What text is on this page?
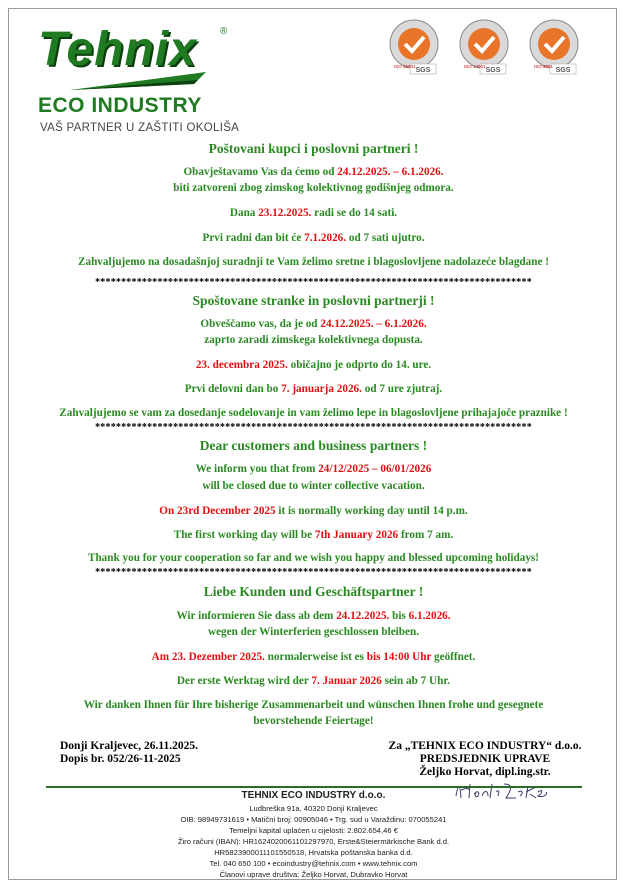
Tehnix ®
ECO INDUSTRY
VAŠ PARTNER U ZAŠTITI OKOLIŠA
SGS
ISO 45001
SGS
ISO 14001
SGS
ISO 9001
Poštovani kupci i poslovni partneri !
Obavještavamo Vas da ćemo od 24.12.2025. – 6.1.2026.
biti zatvoreni zbog zimskog kolektivnog godišnjeg odmora.
Dana 23.12.2025. radi se do 14 sati.
Prvi radni dan bit će 7.1.2026. od 7 sati ujutro.
Zahvaljujemo na dosadašnjoj suradnji te Vam želimo sretne i blagoslovljene nadolazeće blagdane !
************************************************************************************
Spoštovane stranke in poslovni partnerji !
Obveščamo vas, da je od 24.12.2025. – 6.1.2026.
zaprto zaradi zimskega kolektivnega dopusta.
23. decembra 2025. običajno je odprto do 14. ure.
Prvi delovni dan bo 7. januarja 2026. od 7 ure zjutraj.
Zahvaljujemo se vam za dosedanje sodelovanje in vam želimo lepe in blagoslovljene prihajajoče praznike !
************************************************************************************
Dear customers and business partners !
We inform you that from 24/12/2025 – 06/01/2026
will be closed due to winter collective vacation.
On 23rd December 2025 it is normally working day until 14 p.m.
The first working day will be 7th January 2026 from 7 am.
Thank you for your cooperation so far and we wish you happy and blessed upcoming holidays!
************************************************************************************
Liebe Kunden und Geschäftspartner !
Wir informieren Sie dass ab dem 24.12.2025. bis 6.1.2026.
wegen der Winterferien geschlossen bleiben.
Am 23. Dezember 2025. normalerweise ist es bis 14:00 Uhr geöffnet.
Der erste Werktag wird der 7. Januar 2026 sein ab 7 Uhr.
Wir danken Ihnen für Ihre bisherige Zusammenarbeit und wünschen Ihnen frohe und gesegnete
bevorstehende Feiertage!
Donji Kraljevec, 26.11.2025.
Dopis br. 052/26-11-2025
Za „TEHNIX ECO INDUSTRY“ d.o.o.
PREDSJEDNIK UPRAVE
Željko Horvat, dipl.ing.str.
TEHNIX ECO INDUSTRY d.o.o.
Ludbreška 91a, 40320 Donji Kraljevec
OIB: 98949731619 • Matični broj: 00905046 • Trg. sud u Varaždinu: 070055241
Temeljni kapital uplaćen u cijelosti: 2.802.654,46 €
Žiro računi (IBAN): HR1624020061101297970, Erste&Steiermärkische Bank d.d.
HR5823900011101550518, Hrvatska poštanska banka d.d.
Tel. 040 650 100 • ecoindustry@tehnix.com • www.tehnix.com
Članovi uprave društva: Željko Horvat, Dubravko Horvat
